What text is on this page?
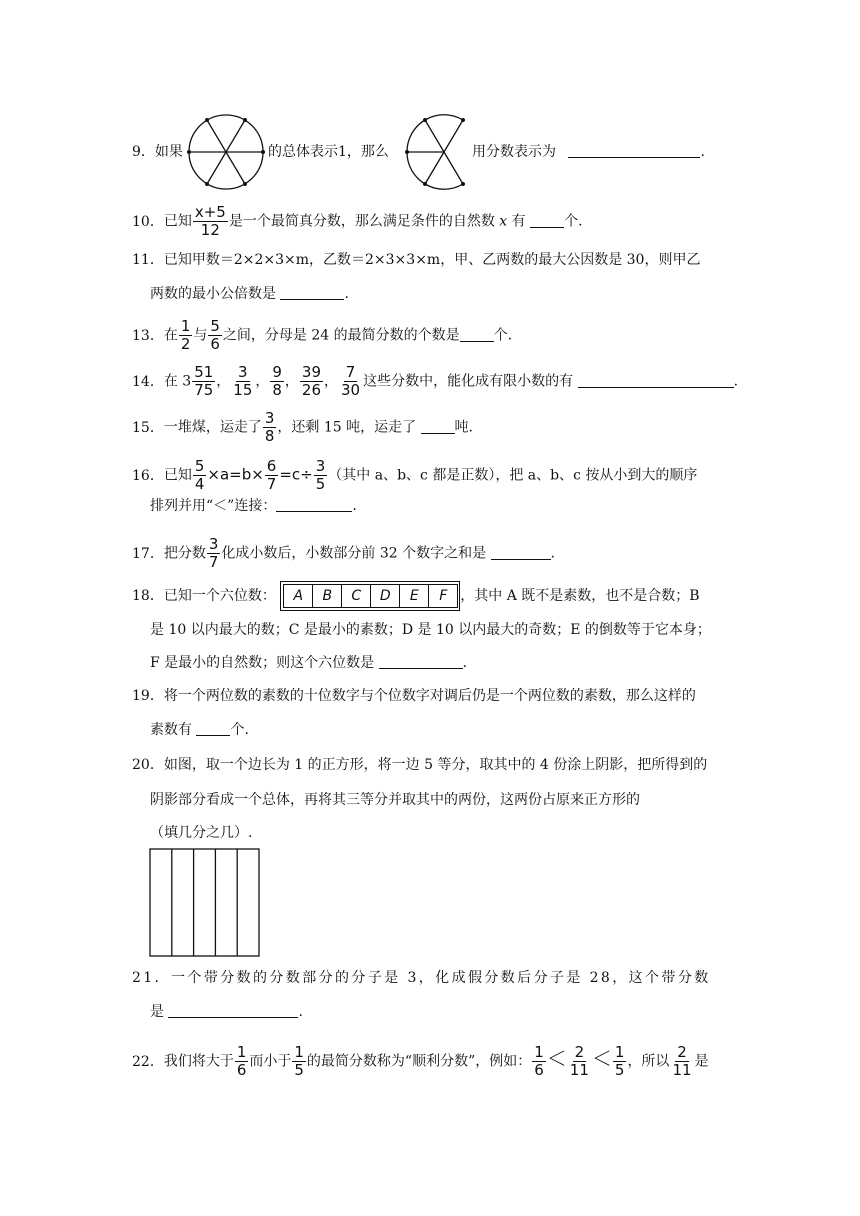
9．如果	的总体表示1，那么	用分数表示为	.
10．已知 $\frac{x+5}{12}$ 是一个最简真分数，那么满足条件的自然数 x 有	个.
11．已知甲数＝2×2×3×m，乙数＝2×3×3×m，甲、乙两数的最大公因数是 30，则甲乙
两数的最小公倍数是	.
13．在 $\frac{1}{2}$ 与 $\frac{5}{6}$ 之间，分母是 24 的最简分数的个数是 个.
14．在 $3 \frac{51}{75}$ ， $\frac{3}{15}$ ， $\frac{9}{8}$ ， $\frac{39}{26}$ ， $\frac{7}{30}$ 这些分数中，能化成有限小数的有	.
15．一堆煤，运走了 $\frac{3}{8}$ ，还剩 15 吨，运走了	吨.
16．已知 $\frac{5}{4} \times a=b\times \frac{6}{7} =c\div \frac{3}{5}$ （其中 a、b、c 都是正数），把 a、b、c 按从小到大的顺序
排列并用“＜”连接：	.
17．把分数 $\frac{3}{7}$ 化成小数后，小数部分前 32 个数字之和是	.
18．已知一个六位数：	A	B	C	D	E	F ，其中 A 既不是素数，也不是合数；B
是 10 以内最大的数；C 是最小的素数；D 是 10 以内最大的奇数；E 的倒数等于它本身；
F 是最小的自然数；则这个六位数是	.
19．将一个两位数的素数的十位数字与个位数字对调后仍是一个两位数的素数，那么这样的
素数有	个.
20．如图，取一个边长为 1 的正方形，将一边 5 等分，取其中的 4 份涂上阴影，把所得到的
阴影部分看成一个总体，再将其三等分并取其中的两份，这两份占原来正方形的
（填几分之几）.
21．一个带分数的分数部分的分子是 3，化成假分数后分子是 28，这个带分数
是	.
22．我们将大于 $\frac{1}{6}$ 而小于 $\frac{1}{5}$ 的最简分数称为“顺利分数”，例如： $\frac{1}{6} < \frac{2}{11} < \frac{1}{5}$ ，所以 $\frac{2}{11}$ 是
